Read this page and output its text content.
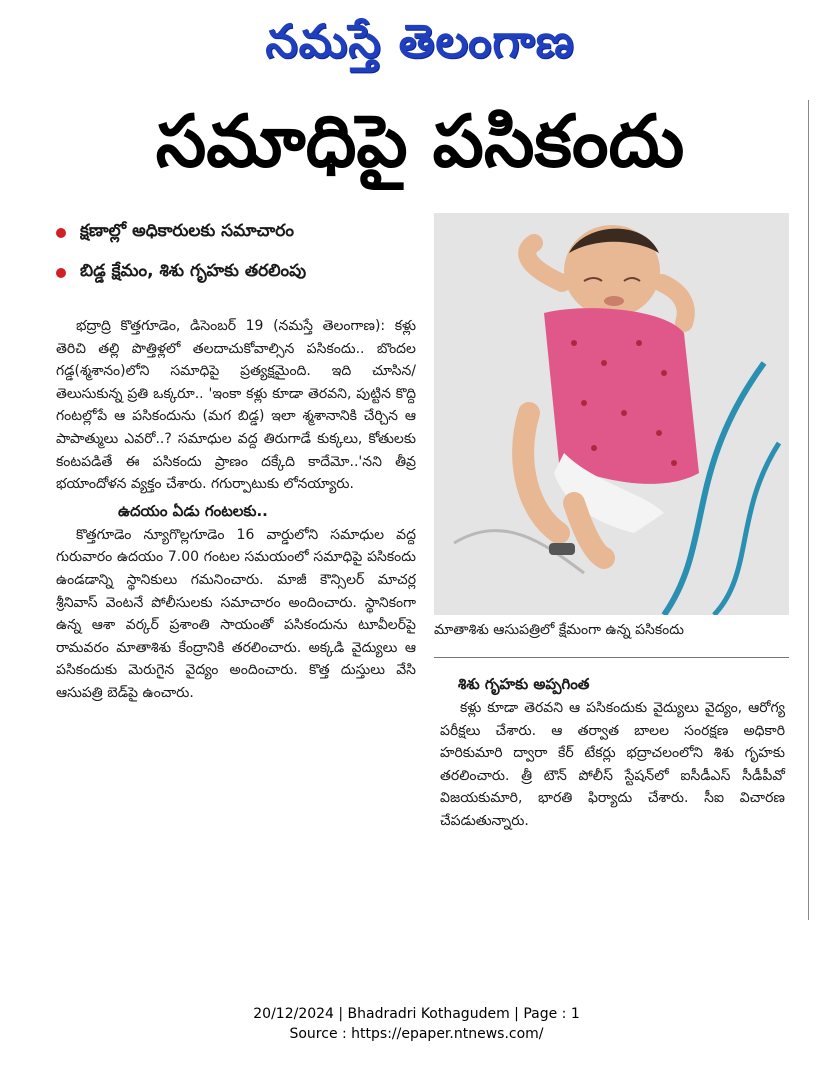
నమస్తే తెలంగాణ
సమాధిపై పసికందు
క్షణాల్లో అధికారులకు సమాచారం
బిడ్డ క్షేమం, శిశు గృహకు తరలింపు

భద్రాద్రి కొత్తగూడెం, డిసెంబర్ 19 (నమస్తే తెలంగాణ): కళ్లు తెరిచి తల్లి పొత్తిళ్లలో తలదాచుకోవాల్సిన పసికందు.. బొందల గడ్డ(శ్మశానం)లోని సమాధిపై ప్రత్యక్షమైంది. ఇది చూసిన/తెలుసుకున్న ప్రతి ఒక్కరూ.. 'ఇంకా కళ్లు కూడా తెరవని, పుట్టిన కొద్ది గంటల్లోపే ఆ పసికందును (మగ బిడ్డ) ఇలా శ్మశానానికి చేర్చిన ఆ పాపాత్ములు ఎవరో..? సమాధుల వద్ద తిరుగాడే కుక్కలు, కోతులకు కంటపడితే ఈ పసికందు ప్రాణం దక్కేది కాదేమో..'నని తీవ్ర భయాందోళన వ్యక్తం చేశారు. గగుర్పాటుకు లోనయ్యారు.

ఉదయం ఏడు గంటలకు..

కొత్తగూడెం న్యూగొల్లగూడెం 16 వార్డులోని సమాధుల వద్ద గురువారం ఉదయం 7.00 గంటల సమయంలో సమాధిపై పసికందు ఉండడాన్ని స్థానికులు గమనించారు. మాజీ కౌన్సిలర్ మాచర్ల శ్రీనివాస్ వెంటనే పోలీసులకు సమాచారం అందించారు. స్థానికంగా ఉన్న ఆశా వర్కర్ ప్రశాంతి సాయంతో పసికందును టూవీలర్‌పై రామవరం మాతాశిశు కేంద్రానికి తరలించారు. అక్కడి వైద్యులు ఆ పసికందుకు మెరుగైన వైద్యం అందించారు. కొత్త దుస్తులు వేసి ఆసుపత్రి బెడ్‌పై ఉంచారు.

మాతాశిశు ఆసుపత్రిలో క్షేమంగా ఉన్న పసికందు
శిశు గృహకు అప్పగింత

కళ్లు కూడా తెరవని ఆ పసికందుకు వైద్యులు వైద్యం, ఆరోగ్య పరీక్షలు చేశారు. ఆ తర్వాత బాలల సంరక్షణ అధికారి హరికుమారి ద్వారా కేర్ టేకర్లు భద్రాచలంలోని శిశు గృహకు తరలించారు. త్రీ టౌన్ పోలీస్ స్టేషన్‌లో ఐసీడీఎస్ సీడీపీవో విజయకుమారి, భారతి ఫిర్యాదు చేశారు. సీఐ విచారణ చేపడుతున్నారు.

20/12/2024 | Bhadradri Kothagudem | Page : 1
Source : https://epaper.ntnews.com/
